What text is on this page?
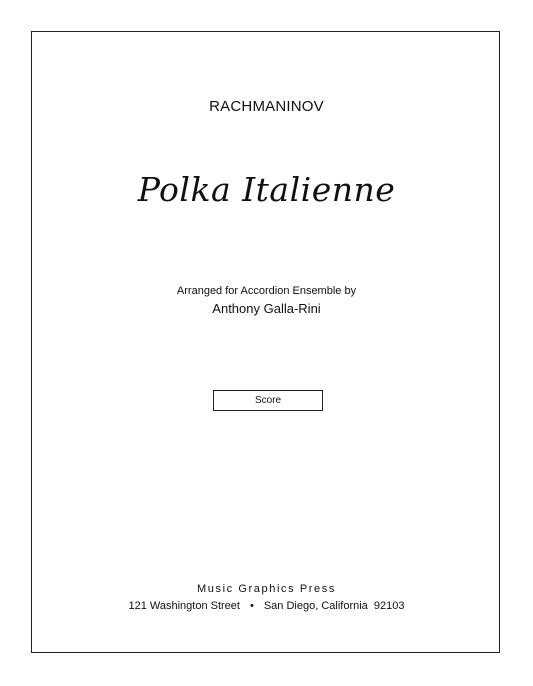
RACHMANINOV
Polka Italienne
Arranged for Accordion Ensemble by
Anthony Galla-Rini
Score
Music Graphics Press
121 Washington Street • San Diego, California  92103
